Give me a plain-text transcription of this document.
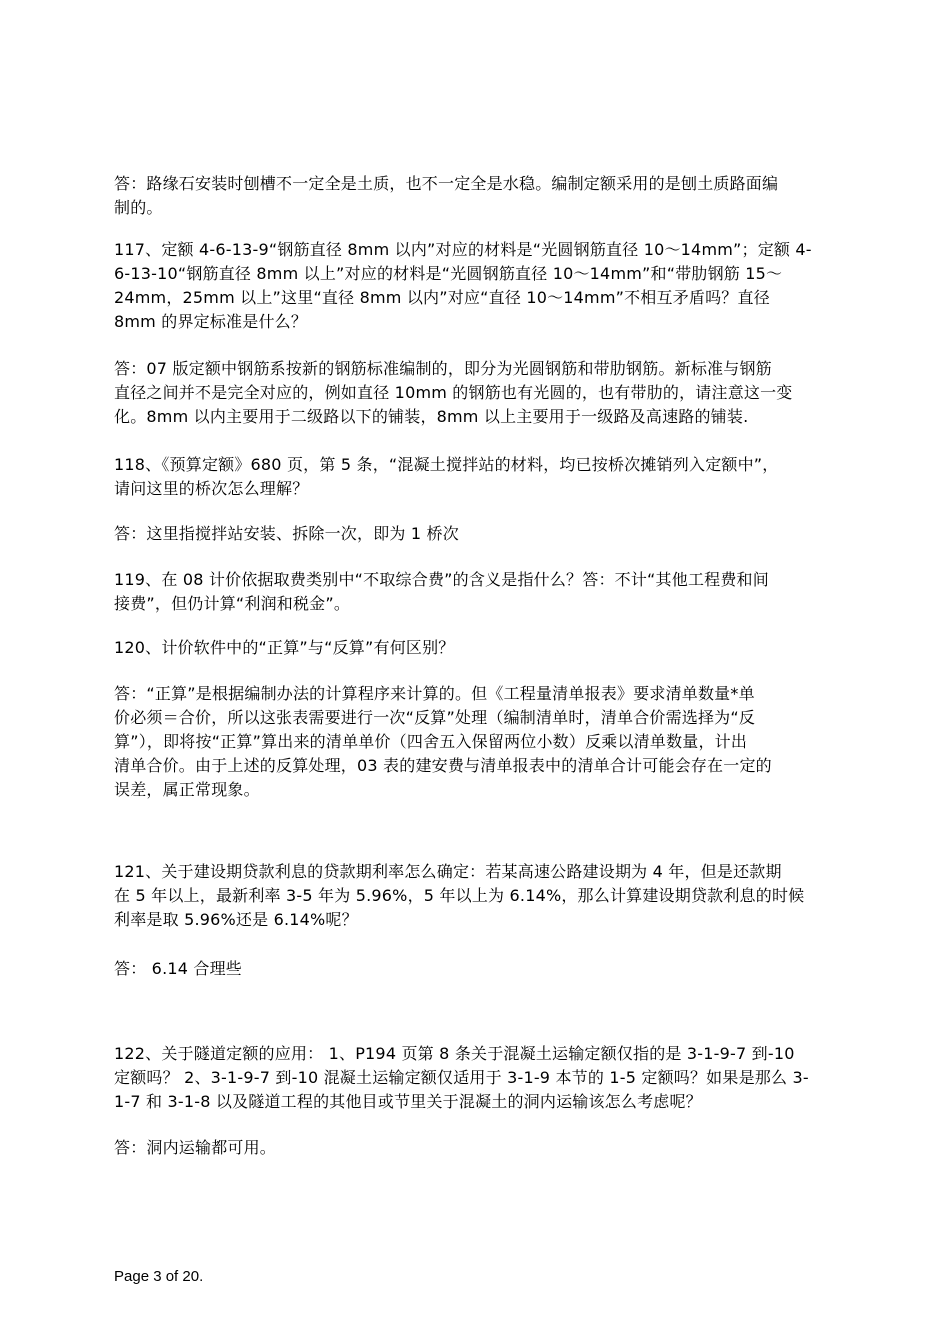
答：路缘石安装时刨槽不一定全是土质，也不一定全是水稳。编制定额采用的是刨土质路面编
制的。
117、定额 4-6-13-9“钢筋直径 8mm 以内”对应的材料是“光圆钢筋直径 10～14mm”；定额 4-
6-13-10“钢筋直径 8mm 以上”对应的材料是“光圆钢筋直径 10～14mm”和“带肋钢筋 15～
24mm，25mm 以上”这里“直径 8mm 以内”对应“直径 10～14mm”不相互矛盾吗？直径
8mm 的界定标准是什么？
答：07 版定额中钢筋系按新的钢筋标准编制的，即分为光圆钢筋和带肋钢筋。新标准与钢筋
直径之间并不是完全对应的，例如直径 10mm 的钢筋也有光圆的，也有带肋的，请注意这一变
化。8mm 以内主要用于二级路以下的铺装，8mm 以上主要用于一级路及高速路的铺装.
118、《预算定额》680 页，第 5 条，“混凝土搅拌站的材料，均已按桥次摊销列入定额中”，
请问这里的桥次怎么理解？
答：这里指搅拌站安装、拆除一次，即为 1 桥次
119、在 08 计价依据取费类别中“不取综合费”的含义是指什么？答：不计“其他工程费和间
接费”，但仍计算“利润和税金”。
120、计价软件中的“正算”与“反算”有何区别？
答：“正算”是根据编制办法的计算程序来计算的。但《工程量清单报表》要求清单数量*单
价必须＝合价，所以这张表需要进行一次“反算”处理（编制清单时，清单合价需选择为“反
算”），即将按“正算”算出来的清单单价（四舍五入保留两位小数）反乘以清单数量，计出
清单合价。由于上述的反算处理，03 表的建安费与清单报表中的清单合计可能会存在一定的
误差，属正常现象。
121、关于建设期贷款利息的贷款期利率怎么确定：若某高速公路建设期为 4 年，但是还款期
在 5 年以上，最新利率 3-5 年为 5.96%，5 年以上为 6.14%，那么计算建设期贷款利息的时候
利率是取 5.96%还是 6.14%呢？
答： 6.14 合理些
122、关于隧道定额的应用： 1、P194 页第 8 条关于混凝土运输定额仅指的是 3-1-9-7 到-10
定额吗？ 2、3-1-9-7 到-10 混凝土运输定额仅适用于 3-1-9 本节的 1-5 定额吗？如果是那么 3-
1-7 和 3-1-8 以及隧道工程的其他目或节里关于混凝土的洞内运输该怎么考虑呢？
答：洞内运输都可用。
Page 3 of 20.
